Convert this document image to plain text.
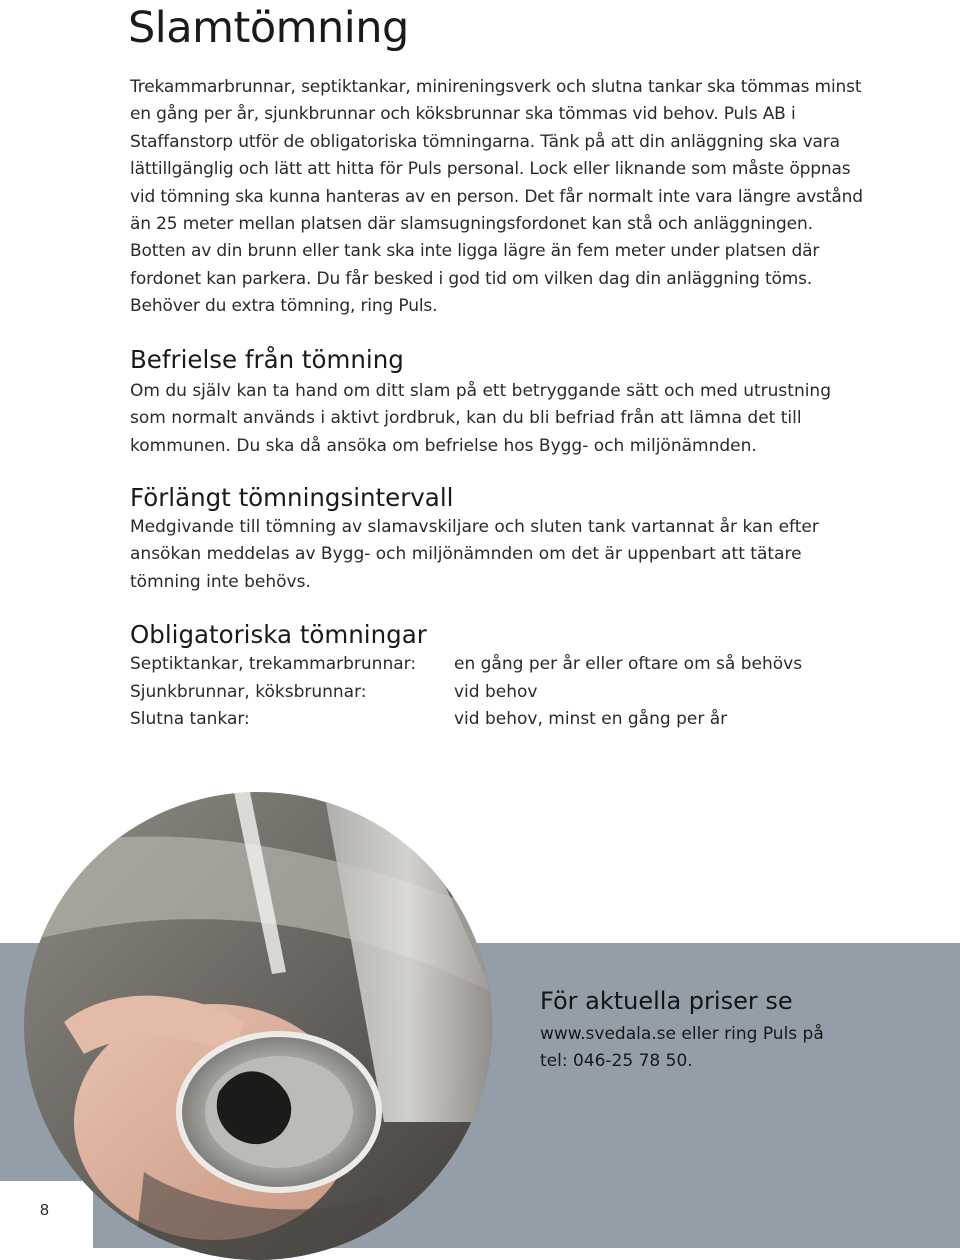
Slamtömning

Trekammarbrunnar, septiktankar, minireningsverk och slutna tankar ska tömmas minst en gång per år, sjunkbrunnar och köksbrunnar ska tömmas vid behov. Puls AB i Staffanstorp utför de obligatoriska tömningarna. Tänk på att din anläggning ska vara lättillgänglig och lätt att hitta för Puls personal. Lock eller liknande som måste öppnas vid tömning ska kunna hanteras av en person. Det får normalt inte vara längre avstånd än 25 meter mellan platsen där slamsugningsfordonet kan stå och anläggningen. Botten av din brunn eller tank ska inte ligga lägre än fem meter under platsen där fordonet kan parkera. Du får besked i god tid om vilken dag din anläggning töms. Behöver du extra tömning, ring Puls.

Befrielse från tömning

Om du själv kan ta hand om ditt slam på ett betryggande sätt och med utrustning som normalt används i aktivt jordbruk, kan du bli befriad från att lämna det till kommunen. Du ska då ansöka om befrielse hos Bygg- och miljönämnden.

Förlängt tömningsintervall

Medgivande till tömning av slamavskiljare och sluten tank vartannat år kan efter ansökan meddelas av Bygg- och miljönämnden om det är uppenbart att tätare tömning inte behövs.

Obligatoriska tömningar
Septiktankar, trekammarbrunnar:	en gång per år eller oftare om så behövs
Sjunkbrunnar, köksbrunnar:	vid behov
Slutna tankar:	vid behov, minst en gång per år
8
För aktuella priser se

www.svedala.se eller ring Puls på
tel: 046-25 78 50.
